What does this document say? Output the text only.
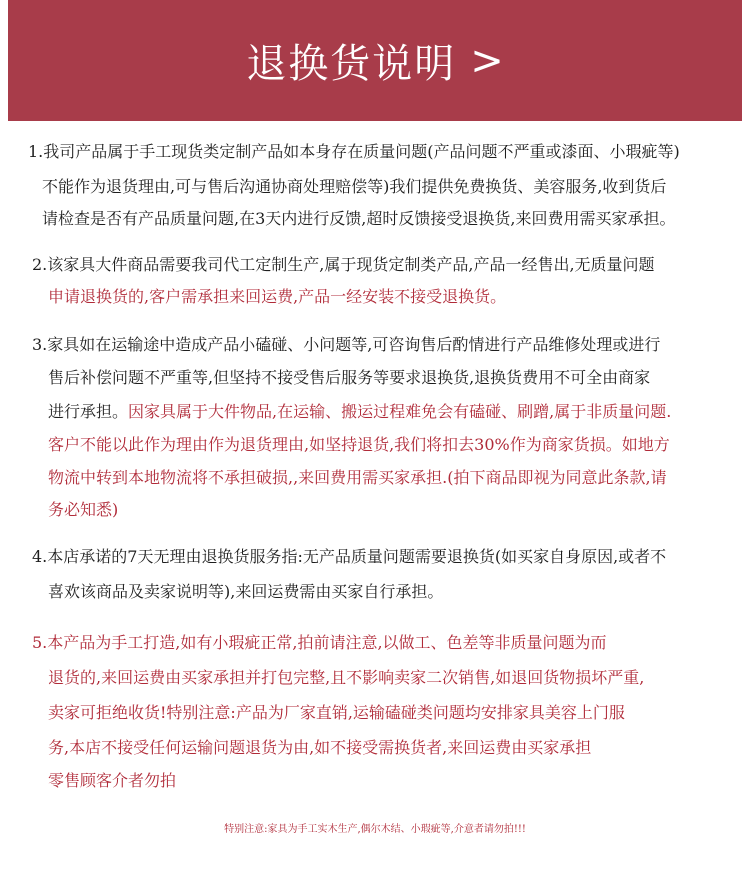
退换货说明 >
1.我司产品属于手工现货类定制产品如本身存在质量问题(产品问题不严重或漆面、小瑕疵等)
不能作为退货理由,可与售后沟通协商处理赔偿等)我们提供免费换货、美容服务,收到货后
请检查是否有产品质量问题,在3天内进行反馈,超时反馈接受退换货,来回费用需买家承担。
2.该家具大件商品需要我司代工定制生产,属于现货定制类产品,产品一经售出,无质量问题
申请退换货的,客户需承担来回运费,产品一经安装不接受退换货。
3.家具如在运输途中造成产品小磕碰、小问题等,可咨询售后酌情进行产品维修处理或进行
售后补偿问题不严重等,但坚持不接受售后服务等要求退换货,退换货费用不可全由商家
进行承担。因家具属于大件物品,在运输、搬运过程难免会有磕碰、刷蹭,属于非质量问题.
客户不能以此作为理由作为退货理由,如坚持退货,我们将扣去30%作为商家货损。如地方
物流中转到本地物流将不承担破损,,来回费用需买家承担.(拍下商品即视为同意此条款,请
务必知悉)
4.本店承诺的7天无理由退换货服务指:无产品质量问题需要退换货(如买家自身原因,或者不
喜欢该商品及卖家说明等),来回运费需由买家自行承担。
5.本产品为手工打造,如有小瑕疵正常,拍前请注意,以做工、色差等非质量问题为而
退货的,来回运费由买家承担并打包完整,且不影响卖家二次销售,如退回货物损坏严重,
卖家可拒绝收货!特别注意:产品为厂家直销,运输磕碰类问题均安排家具美容上门服
务,本店不接受任何运输问题退货为由,如不接受需换货者,来回运费由买家承担
零售顾客介者勿拍
特别注意:家具为手工实木生产,偶尔木结、小瑕疵等,介意者请勿拍!!!
